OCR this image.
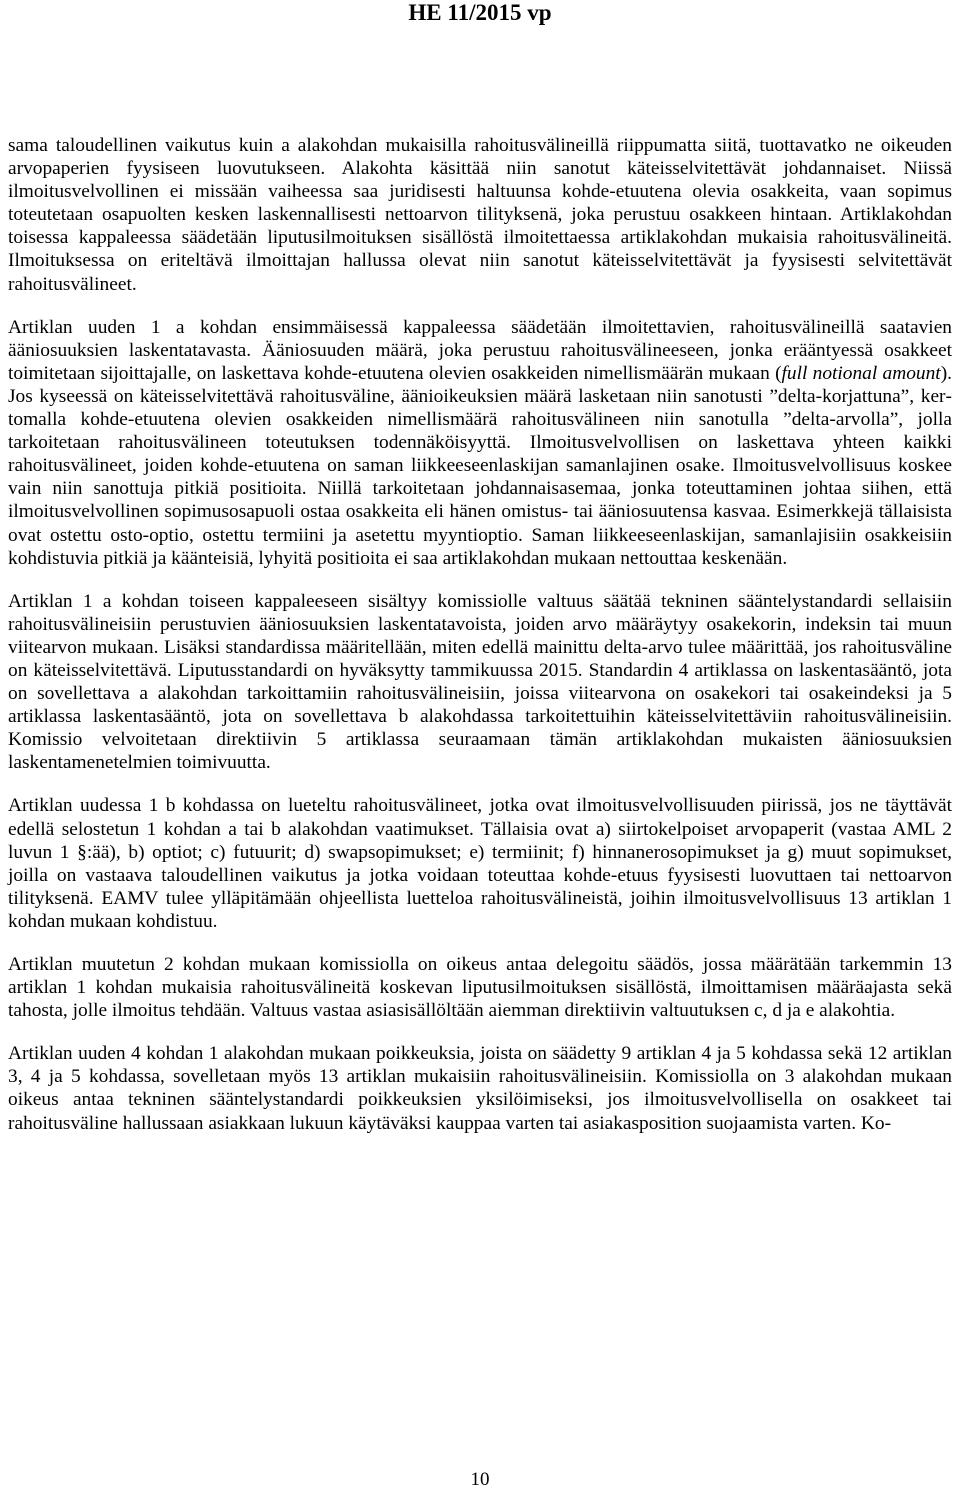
HE 11/2015 vp

sama taloudellinen vaikutus kuin a alakohdan mukaisilla rahoitusvälineillä riippumatta siitä, tuottavatko ne oikeuden arvopaperien fyysiseen luovutukseen. Alakohta käsittää niin sanotut käteisselvitettävät johdannaiset. Niissä ilmoitusvelvollinen ei missään vaiheessa saa juridisesti haltuunsa kohde-etuutena olevia osakkeita, vaan sopimus toteutetaan osapuolten kesken laskennallisesti nettoarvon tilityksenä, joka perustuu osakkeen hintaan. Artiklakohdan toisessa kappaleessa säädetään liputusilmoituksen sisällöstä ilmoitettaessa artiklakohdan mukaisia rahoitusvälineitä. Ilmoituksessa on eriteltävä ilmoittajan hallussa olevat niin sanotut käteisselvitettävät ja fyysisesti selvitettävät rahoitusvälineet.

Artiklan uuden 1 a kohdan ensimmäisessä kappaleessa säädetään ilmoitettavien, rahoitusvälineillä saatavien ääniosuuksien laskentatavasta. Ääniosuuden määrä, joka perustuu rahoitusvälineeseen, jonka erääntyessä osakkeet toimitetaan sijoittajalle, on laskettava kohde-etuutena olevien osakkeiden nimellismäärän mukaan (full notional amount). Jos kyseessä on käteisselvitettävä rahoitusväline, äänioikeuksien määrä lasketaan niin sanotusti ”delta-korjattuna”, kertomalla kohde-etuutena olevien osakkeiden nimellismäärä rahoitusvälineen niin sanotulla ”delta-arvolla”, jolla tarkoitetaan rahoitusvälineen toteutuksen todennäköisyyttä. Ilmoitusvelvollisen on laskettava yhteen kaikki rahoitusvälineet, joiden kohde-etuutena on saman liikkeeseenlaskijan samanlajinen osake. Ilmoitusvelvollisuus koskee vain niin sanottuja pitkiä positioita. Niillä tarkoitetaan johdannaisasemaa, jonka toteuttaminen johtaa siihen, että ilmoitusvelvollinen sopimusosapuoli ostaa osakkeita eli hänen omistus- tai ääniosuutensa kasvaa. Esimerkkejä tällaisista ovat ostettu osto-optio, ostettu termiini ja asetettu myyntioptio. Saman liikkeeseenlaskijan, samanlajisiin osakkeisiin kohdistuvia pitkiä ja käänteisiä, lyhyitä positioita ei saa artiklakohdan mukaan nettouttaa keskenään.

Artiklan 1 a kohdan toiseen kappaleeseen sisältyy komissiolle valtuus säätää tekninen sääntelystandardi sellaisiin rahoitusvälineisiin perustuvien ääniosuuksien laskentatavoista, joiden arvo määräytyy osakekorin, indeksin tai muun viitearvon mukaan. Lisäksi standardissa määritellään, miten edellä mainittu delta-arvo tulee määrittää, jos rahoitusväline on käteisselvitettävä. Liputusstandardi on hyväksytty tammikuussa 2015. Standardin 4 artiklassa on laskentasääntö, jota on sovellettava a alakohdan tarkoittamiin rahoitusvälineisiin, joissa viitearvona on osakekori tai osakeindeksi ja 5 artiklassa laskentasääntö, jota on sovellettava b alakohdassa tarkoitettuihin käteisselvitettäviin rahoitusvälineisiin. Komissio velvoitetaan direktiivin 5 artiklassa seuraamaan tämän artiklakohdan mukaisten ääniosuuksien laskentamenetelmien toimivuutta.

Artiklan uudessa 1 b kohdassa on lueteltu rahoitusvälineet, jotka ovat ilmoitusvelvollisuuden piirissä, jos ne täyttävät edellä selostetun 1 kohdan a tai b alakohdan vaatimukset. Tällaisia ovat a) siirtokelpoiset arvopaperit (vastaa AML 2 luvun 1 §:ää), b) optiot; c) futuurit; d) swapsopimukset; e) termiinit; f) hinnanerosopimukset ja g) muut sopimukset, joilla on vastaava taloudellinen vaikutus ja jotka voidaan toteuttaa kohde-etuus fyysisesti luovuttaen tai nettoarvon tilityksenä. EAMV tulee ylläpitämään ohjeellista luetteloa rahoitusvälineistä, joihin ilmoitusvelvollisuus 13 artiklan 1 kohdan mukaan kohdistuu.

Artiklan muutetun 2 kohdan mukaan komissiolla on oikeus antaa delegoitu säädös, jossa määrätään tarkemmin 13 artiklan 1 kohdan mukaisia rahoitusvälineitä koskevan liputusilmoituksen sisällöstä, ilmoittamisen määräajasta sekä tahosta, jolle ilmoitus tehdään. Valtuus vastaa asiasisällöltään aiemman direktiivin valtuutuksen c, d ja e alakohtia.

Artiklan uuden 4 kohdan 1 alakohdan mukaan poikkeuksia, joista on säädetty 9 artiklan 4 ja 5 kohdassa sekä 12 artiklan 3, 4 ja 5 kohdassa, sovelletaan myös 13 artiklan mukaisiin rahoitusvälineisiin. Komissiolla on 3 alakohdan mukaan oikeus antaa tekninen sääntelystandardi poikkeuksien yksilöimiseksi, jos ilmoitusvelvollisella on osakkeet tai rahoitusväline hallussaan asiakkaan lukuun käytäväksi kauppaa varten tai asiakasposition suojaamista varten. Ko-

10
